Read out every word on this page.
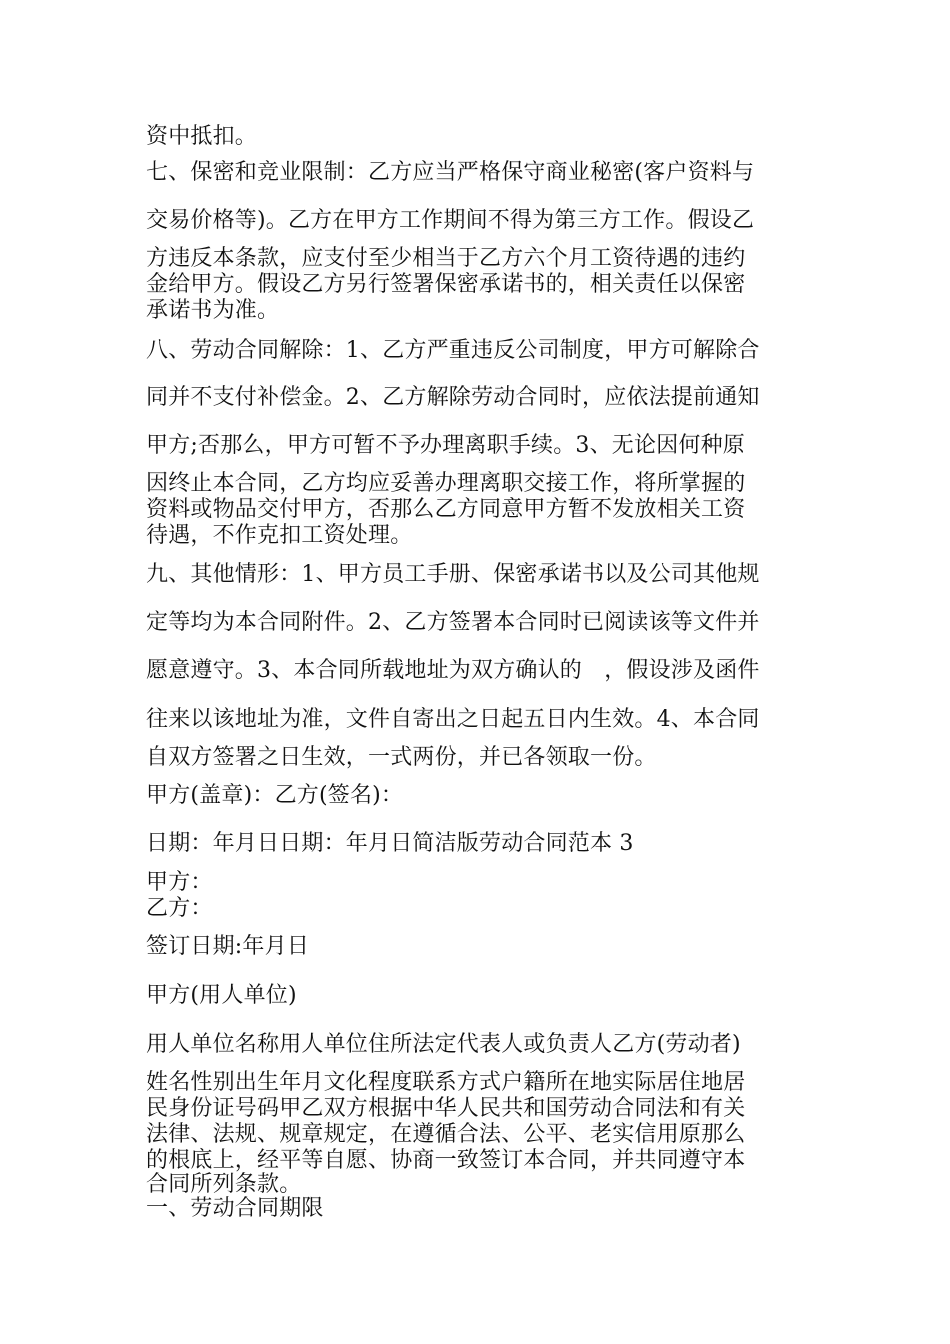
资中抵扣。
七、保密和竞业限制：乙方应当严格保守商业秘密(客户资料与
交易价格等)。乙方在甲方工作期间不得为第三方工作。假设乙
方违反本条款，应支付至少相当于乙方六个月工资待遇的违约
金给甲方。假设乙方另行签署保密承诺书的，相关责任以保密
承诺书为准。
八、劳动合同解除：1、乙方严重违反公司制度，甲方可解除合
同并不支付补偿金。2、乙方解除劳动合同时，应依法提前通知
甲方;否那么，甲方可暂不予办理离职手续。3、无论因何种原
因终止本合同，乙方均应妥善办理离职交接工作，将所掌握的
资料或物品交付甲方，否那么乙方同意甲方暂不发放相关工资
待遇，不作克扣工资处理。
九、其他情形：1、甲方员工手册、保密承诺书以及公司其他规
定等均为本合同附件。2、乙方签署本合同时已阅读该等文件并
愿意遵守。3、本合同所载地址为双方确认的　，假设涉及函件
往来以该地址为准，文件自寄出之日起五日内生效。4、本合同
自双方签署之日生效，一式两份，并已各领取一份。
甲方(盖章)：乙方(签名)：
日期：年月日日期：年月日简洁版劳动合同范本 3
甲方：
乙方：
签订日期:年月日
甲方(用人单位)
用人单位名称用人单位住所法定代表人或负责人乙方(劳动者)
姓名性别出生年月文化程度联系方式户籍所在地实际居住地居
民身份证号码甲乙双方根据中华人民共和国劳动合同法和有关
法律、法规、规章规定，在遵循合法、公平、老实信用原那么
的根底上，经平等自愿、协商一致签订本合同，并共同遵守本
合同所列条款。
一、劳动合同期限
